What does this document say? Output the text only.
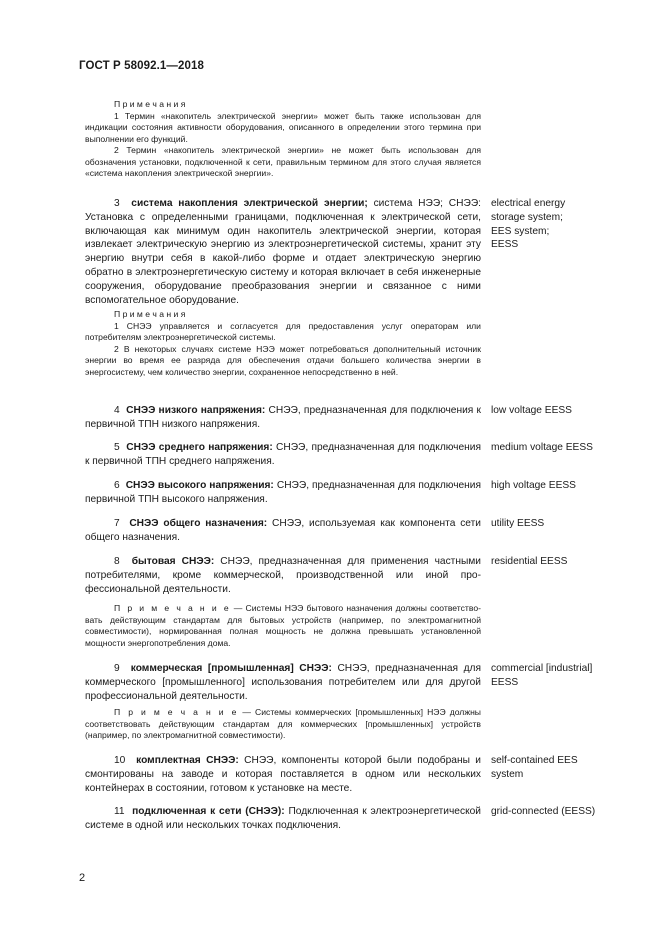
ГОСТ Р 58092.1—2018

П р и м е ч а н и я

1 Термин «накопитель электрической энергии» может быть также использован для индикации состояния активности оборудования, описанного в определении этого термина при выполнении его функций.

2 Термин «накопитель электрической энергии» не может быть использован для обозначения установки, подключенной к сети, правильным термином для этого случая является «система накопления электрической энергии».

3 система накопления электрической энергии; система НЭЭ; СНЭЭ: Установка с определенными границами, подключенная к электрической сети, включающая как минимум один накопитель электрической энергии, которая извлекает электрическую энергию из электроэнергетической системы, хранит эту энергию внутри себя в какой-либо форме и отдает электрическую энергию обратно в электроэнергетическую систему и которая включает в себя инженерные сооружения, оборудование преобразования энергии и связанное с ними вспомогательное оборудование.

electrical energy
storage system;
EES system;
EESS

П р и м е ч а н и я

1 СНЭЭ управляется и согласуется для предоставления услуг операторам или потребителям электроэнергетической системы.

2 В некоторых случаях системе НЭЭ может потребоваться дополнительный источник энергии во время ее разряда для обеспечения отдачи большего количества энергии в энергосистему, чем количество энергии, сохраненное непосредственно в ней.

4 СНЭЭ низкого напряжения: СНЭЭ, предназначенная для подключения к первичной ТПН низкого напряжения.

low voltage EESS

5 СНЭЭ среднего напряжения: СНЭЭ, предназначенная для подключения к первичной ТПН среднего напряжения.

medium voltage EESS

6 СНЭЭ высокого напряжения: СНЭЭ, предназначенная для подключения первичной ТПН высокого напряжения.

high voltage EESS

7 СНЭЭ общего назначения: СНЭЭ, используемая как компонента сети общего назначения.

utility EESS

8 бытовая СНЭЭ: СНЭЭ, предназначенная для применения частными потребителями, кроме коммерческой, производственной или иной профессиональной деятельности.

residential EESS

П р и м е ч а н и е — Системы НЭЭ бытового назначения должны соответствовать действующим стандартам для бытовых устройств (например, по электромагнитной совместимости), нормированная полная мощность не должна превышать установленной мощности энергопотребления дома.

9 коммерческая [промышленная] СНЭЭ: СНЭЭ, предназначенная для коммерческого [промышленного] использования потребителем или для другой профессиональной деятельности.

commercial [industrial]
EESS

П р и м е ч а н и е — Системы коммерческих [промышленных] НЭЭ должны соответствовать действующим стандартам для коммерческих [промышленных] устройств (например, по электромагнитной совместимости).

10 комплектная СНЭЭ: СНЭЭ, компоненты которой были подобраны и смонтированы на заводе и которая поставляется в одном или нескольких контейнерах в состоянии, готовом к установке на месте.

self-contained EES
system

11 подключенная к сети (СНЭЭ): Подключенная к электроэнергетической системе в одной или нескольких точках подключения.

grid-connected (EESS)
2
